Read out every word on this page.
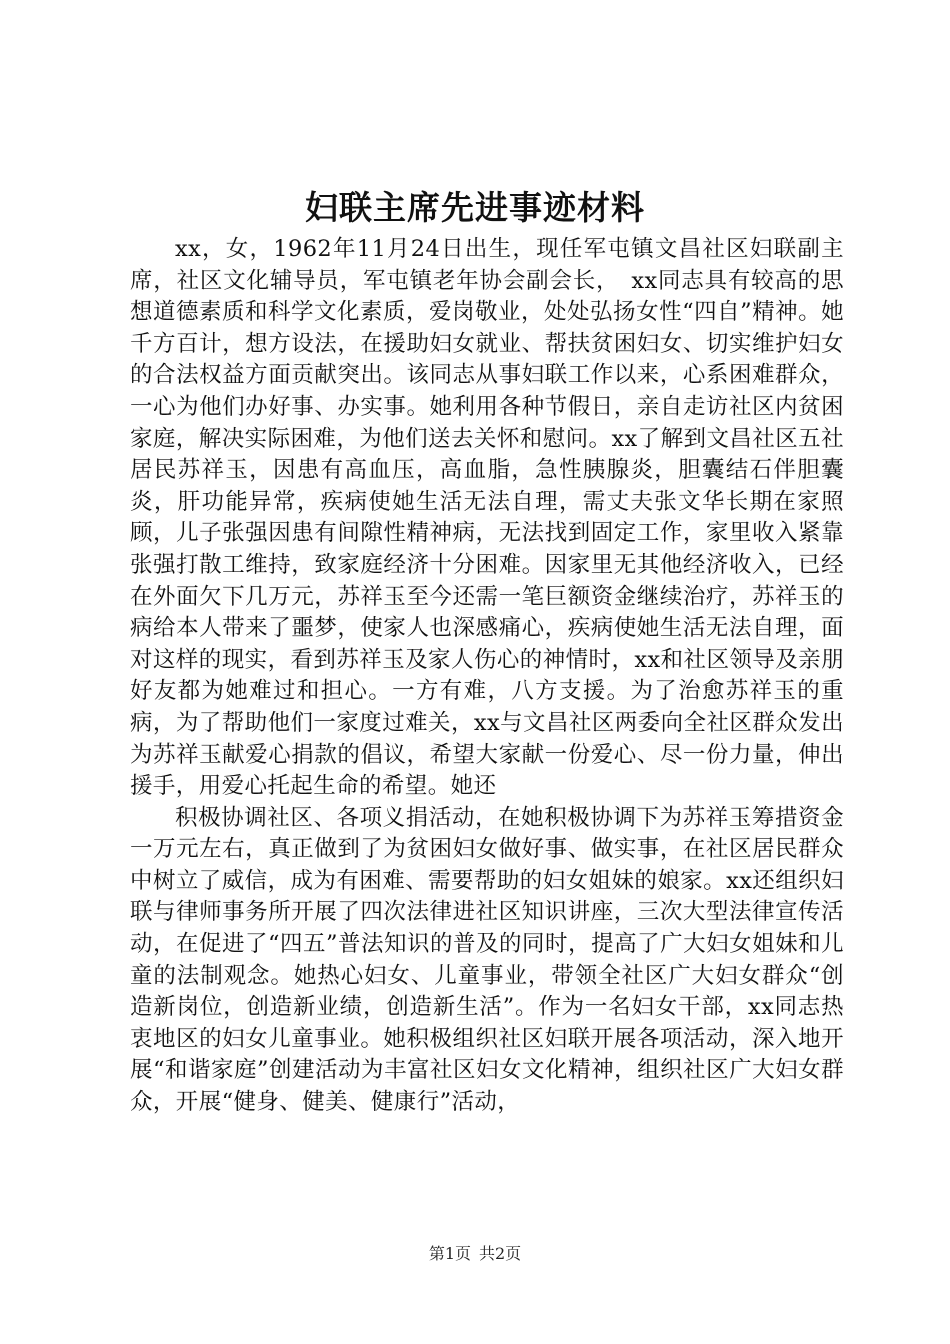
妇联主席先进事迹材料

xx，女，1962年11月24日出生，现任军屯镇文昌社区妇联副主席，社区文化辅导员，军屯镇老年协会副会长，　xx同志具有较高的思想道德素质和科学文化素质，爱岗敬业，处处弘扬女性“四自”精神。她千方百计，想方设法，在援助妇女就业、帮扶贫困妇女、切实维护妇女的合法权益方面贡献突出。该同志从事妇联工作以来，心系困难群众，一心为他们办好事、办实事。她利用各种节假日，亲自走访社区内贫困家庭，解决实际困难，为他们送去关怀和慰问。xx了解到文昌社区五社居民苏祥玉，因患有高血压，高血脂，急性胰腺炎，胆囊结石伴胆囊炎，肝功能异常，疾病使她生活无法自理，需丈夫张文华长期在家照顾，儿子张强因患有间隙性精神病，无法找到固定工作，家里收入紧靠张强打散工维持，致家庭经济十分困难。因家里无其他经济收入，已经在外面欠下几万元，苏祥玉至今还需一笔巨额资金继续治疗，苏祥玉的病给本人带来了噩梦，使家人也深感痛心，疾病使她生活无法自理，面对这样的现实，看到苏祥玉及家人伤心的神情时，xx和社区领导及亲朋好友都为她难过和担心。一方有难，八方支援。为了治愈苏祥玉的重病，为了帮助他们一家度过难关，xx与文昌社区两委向全社区群众发出为苏祥玉献爱心捐款的倡议，希望大家献一份爱心、尽一份力量，伸出援手，用爱心托起生命的希望。她还

积极协调社区、各项义捐活动，在她积极协调下为苏祥玉筹措资金一万元左右，真正做到了为贫困妇女做好事、做实事，在社区居民群众中树立了威信，成为有困难、需要帮助的妇女姐妹的娘家。xx还组织妇联与律师事务所开展了四次法律进社区知识讲座，三次大型法律宣传活动，在促进了“四五”普法知识的普及的同时，提高了广大妇女姐妹和儿童的法制观念。她热心妇女、儿童事业，带领全社区广大妇女群众“创造新岗位，创造新业绩，创造新生活”。作为一名妇女干部，xx同志热衷地区的妇女儿童事业。她积极组织社区妇联开展各项活动，深入地开展“和谐家庭”创建活动为丰富社区妇女文化精神，组织社区广大妇女群众，开展“健身、健美、健康行”活动，

第1页 共2页
